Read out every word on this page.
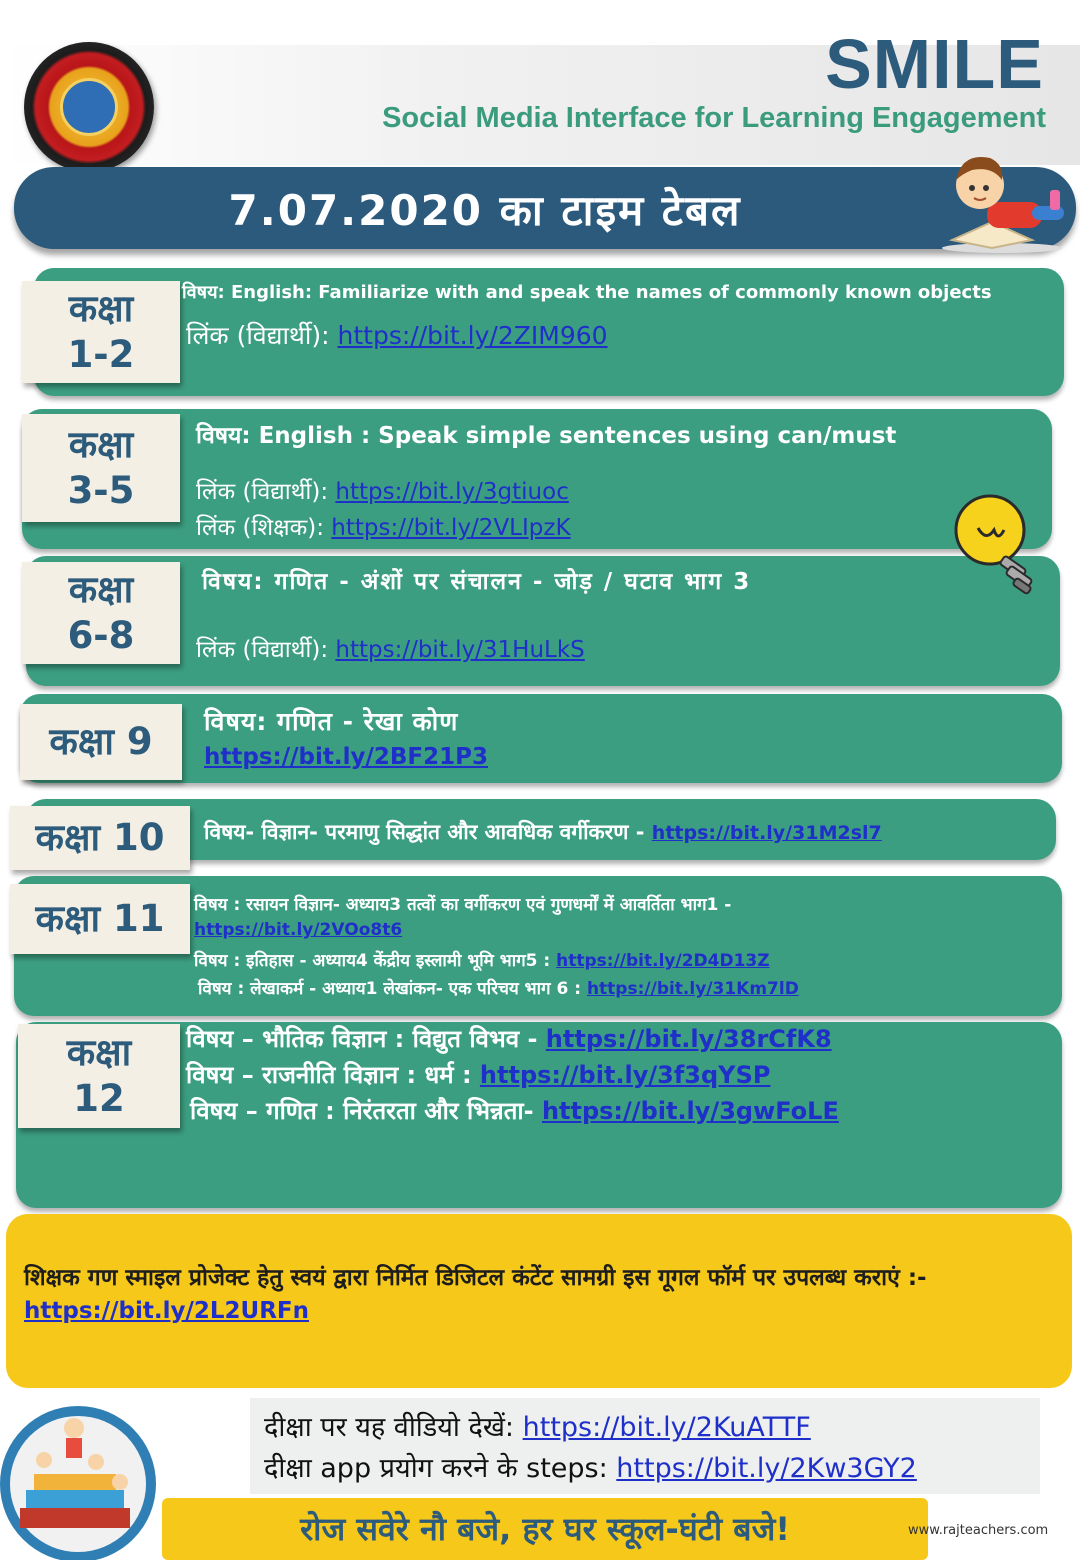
SMILE
Social Media Interface for Learning Engagement
7.07.2020 का टाइम टेबल
कक्षा
1-2
विषय: English: Familiarize with and speak the names of commonly known objects
लिंक (विद्यार्थी): https://bit.ly/2ZIM960
कक्षा
3-5
विषय: English : Speak simple sentences using can/must
लिंक (विद्यार्थी): https://bit.ly/3gtiuoc
लिंक (शिक्षक): https://bit.ly/2VLIpzK
कक्षा
6-8
विषय: गणित - अंशों पर संचालन - जोड़ / घटाव भाग 3
लिंक (विद्यार्थी): https://bit.ly/31HuLkS
कक्षा 9	विषय: गणित - रेखा कोण
https://bit.ly/2BF21P3
कक्षा 10	विषय- विज्ञान- परमाणु सिद्धांत और आवधिक वर्गीकरण - https://bit.ly/31M2sl7
कक्षा 11	विषय : रसायन विज्ञान- अध्याय3 तत्वों का वर्गीकरण एवं गुणधर्मों में आवर्तिता भाग1 -
https://bit.ly/2VOo8t6
विषय : इतिहास - अध्याय4 केंद्रीय इस्लामी भूमि भाग5 : https://bit.ly/2D4D13Z
विषय : लेखाकर्म - अध्याय1 लेखांकन- एक परिचय भाग 6 : https://bit.ly/31Km7lD
कक्षा
12
विषय – भौतिक विज्ञान : विद्युत विभव - https://bit.ly/38rCfK8
विषय – राजनीति विज्ञान : धर्म : https://bit.ly/3f3qYSP
विषय – गणित : निरंतरता और भिन्नता- https://bit.ly/3gwFoLE
शिक्षक गण स्माइल प्रोजेक्ट हेतु स्वयं द्वारा निर्मित डिजिटल कंटेंट सामग्री इस गूगल फॉर्म पर उपलब्ध कराएं :- https://bit.ly/2L2URFn
दीक्षा पर यह वीडियो देखें: https://bit.ly/2KuATTF
दीक्षा app प्रयोग करने के steps: https://bit.ly/2Kw3GY2
रोज सवेरे नौ बजे, हर घर स्कूल-घंटी बजे!	www.rajteachers.com
